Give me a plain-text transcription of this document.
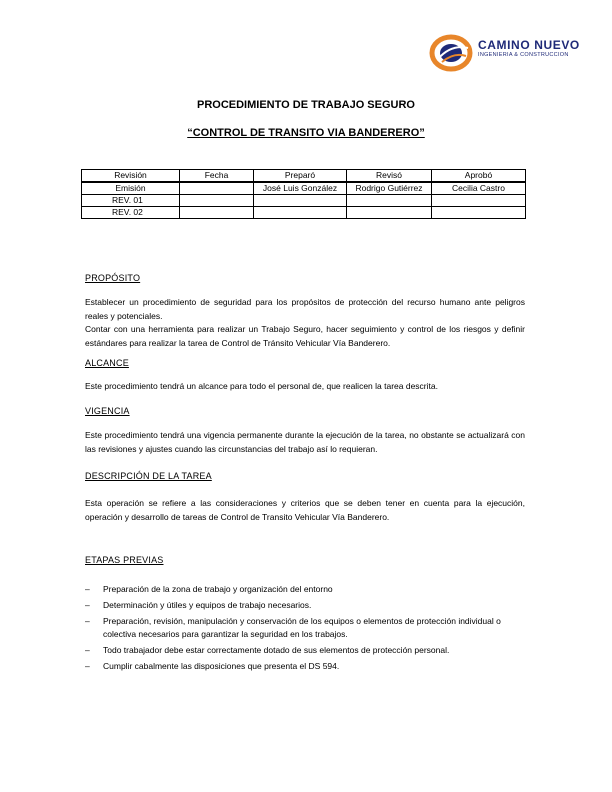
CAMINO NUEVO
INGENIERIA & CONSTRUCCION
PROCEDIMIENTO DE TRABAJO SEGURO
“CONTROL DE TRANSITO VIA BANDERERO”
Revisión	Fecha	Preparó	Revisó	Aprobó
Emisión		José Luis González	Rodrigo Gutiérrez	Cecilia Castro
REV. 01				
REV. 02				
PROPÓSITO
Establecer un procedimiento de seguridad para los propósitos de protección del recurso humano ante peligros reales y potenciales.
Contar con una herramienta para realizar un Trabajo Seguro, hacer seguimiento y control de los riesgos y definir estándares para realizar la tarea de Control de Tránsito Vehicular Vía Banderero.
ALCANCE
Este procedimiento tendrá un alcance para todo el personal de, que realicen la tarea descrita.
VIGENCIA
Este procedimiento tendrá una vigencia permanente durante la ejecución de la tarea, no obstante se actualizará con las revisiones y ajustes cuando las circunstancias del trabajo así lo requieran.
DESCRIPCIÓN DE LA TAREA
Esta operación se refiere a las consideraciones y criterios que se deben tener en cuenta para la ejecución, operación y desarrollo de tareas de Control de Transito Vehicular Vía Banderero.
ETAPAS PREVIAS
– Preparación de la zona de trabajo y organización del entorno
– Determinación y útiles y equipos de trabajo necesarios.
– Preparación, revisión, manipulación y conservación de los equipos o elementos de protección individual o colectiva necesarios para garantizar la seguridad en los trabajos.
– Todo trabajador debe estar correctamente dotado de sus elementos de protección personal.
– Cumplir cabalmente las disposiciones que presenta el DS 594.
